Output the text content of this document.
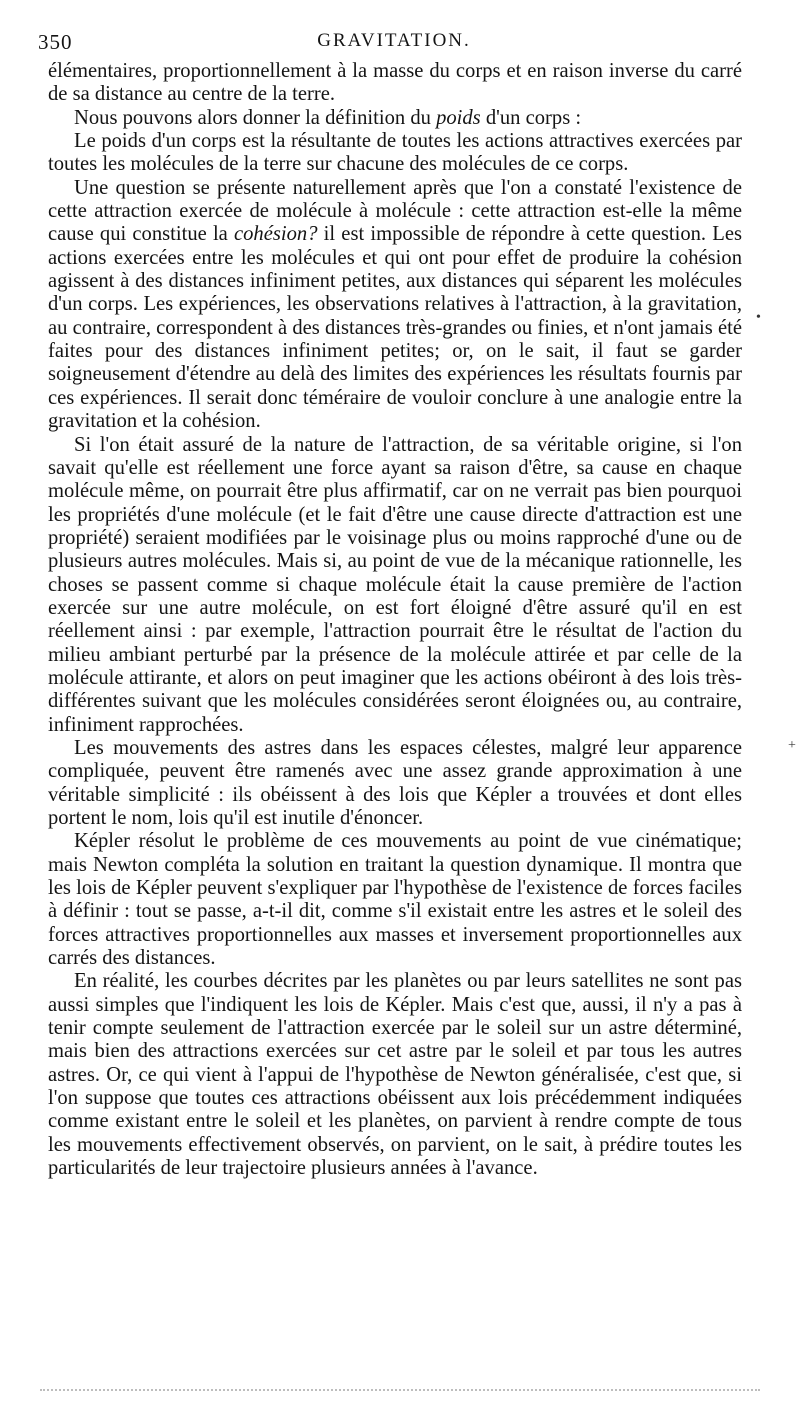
350	GRAVITATION.

élémentaires, proportionnellement à la masse du corps et en raison inverse du carré de sa distance au centre de la terre.

Nous pouvons alors donner la définition du poids d'un corps :

Le poids d'un corps est la résultante de toutes les actions attractives exercées par toutes les molécules de la terre sur chacune des molécules de ce corps.

Une question se présente naturellement après que l'on a constaté l'existence de cette attraction exercée de molécule à molécule : cette attraction est-elle la même cause qui constitue la cohésion? il est impossible de répondre à cette question. Les actions exercées entre les molécules et qui ont pour effet de produire la cohésion agissent à des distances infiniment petites, aux distances qui séparent les molécules d'un corps. Les expériences, les observations relatives à l'attraction, à la gravitation, au contraire, correspondent à des distances très-grandes ou finies, et n'ont jamais été faites pour des distances infiniment petites; or, on le sait, il faut se garder soigneusement d'étendre au delà des limites des expériences les résultats fournis par ces expériences. Il serait donc téméraire de vouloir conclure à une analogie entre la gravitation et la cohésion.

Si l'on était assuré de la nature de l'attraction, de sa véritable origine, si l'on savait qu'elle est réellement une force ayant sa raison d'être, sa cause en chaque molécule même, on pourrait être plus affirmatif, car on ne verrait pas bien pourquoi les propriétés d'une molécule (et le fait d'être une cause directe d'attraction est une propriété) seraient modifiées par le voisinage plus ou moins rapproché d'une ou de plusieurs autres molécules. Mais si, au point de vue de la mécanique rationnelle, les choses se passent comme si chaque molécule était la cause première de l'action exercée sur une autre molécule, on est fort éloigné d'être assuré qu'il en est réellement ainsi : par exemple, l'attraction pourrait être le résultat de l'action du milieu ambiant perturbé par la présence de la molécule attirée et par celle de la molécule attirante, et alors on peut imaginer que les actions obéiront à des lois très-différentes suivant que les molécules considérées seront éloignées ou, au contraire, infiniment rapprochées.

Les mouvements des astres dans les espaces célestes, malgré leur apparence compliquée, peuvent être ramenés avec une assez grande approximation à une véritable simplicité : ils obéissent à des lois que Képler a trouvées et dont elles portent le nom, lois qu'il est inutile d'énoncer.

Képler résolut le problème de ces mouvements au point de vue cinématique; mais Newton compléta la solution en traitant la question dynamique. Il montra que les lois de Képler peuvent s'expliquer par l'hypothèse de l'existence de forces faciles à définir : tout se passe, a-t-il dit, comme s'il existait entre les astres et le soleil des forces attractives proportionnelles aux masses et inversement proportionnelles aux carrés des distances.

En réalité, les courbes décrites par les planètes ou par leurs satellites ne sont pas aussi simples que l'indiquent les lois de Képler. Mais c'est que, aussi, il n'y a pas à tenir compte seulement de l'attraction exercée par le soleil sur un astre déterminé, mais bien des attractions exercées sur cet astre par le soleil et par tous les autres astres. Or, ce qui vient à l'appui de l'hypothèse de Newton généralisée, c'est que, si l'on suppose que toutes ces attractions obéissent aux lois précédemment indiquées comme existant entre le soleil et les planètes, on parvient à rendre compte de tous les mouvements effectivement observés, on parvient, on le sait, à prédire toutes les particularités de leur trajectoire plusieurs années à l'avance.

•
+
